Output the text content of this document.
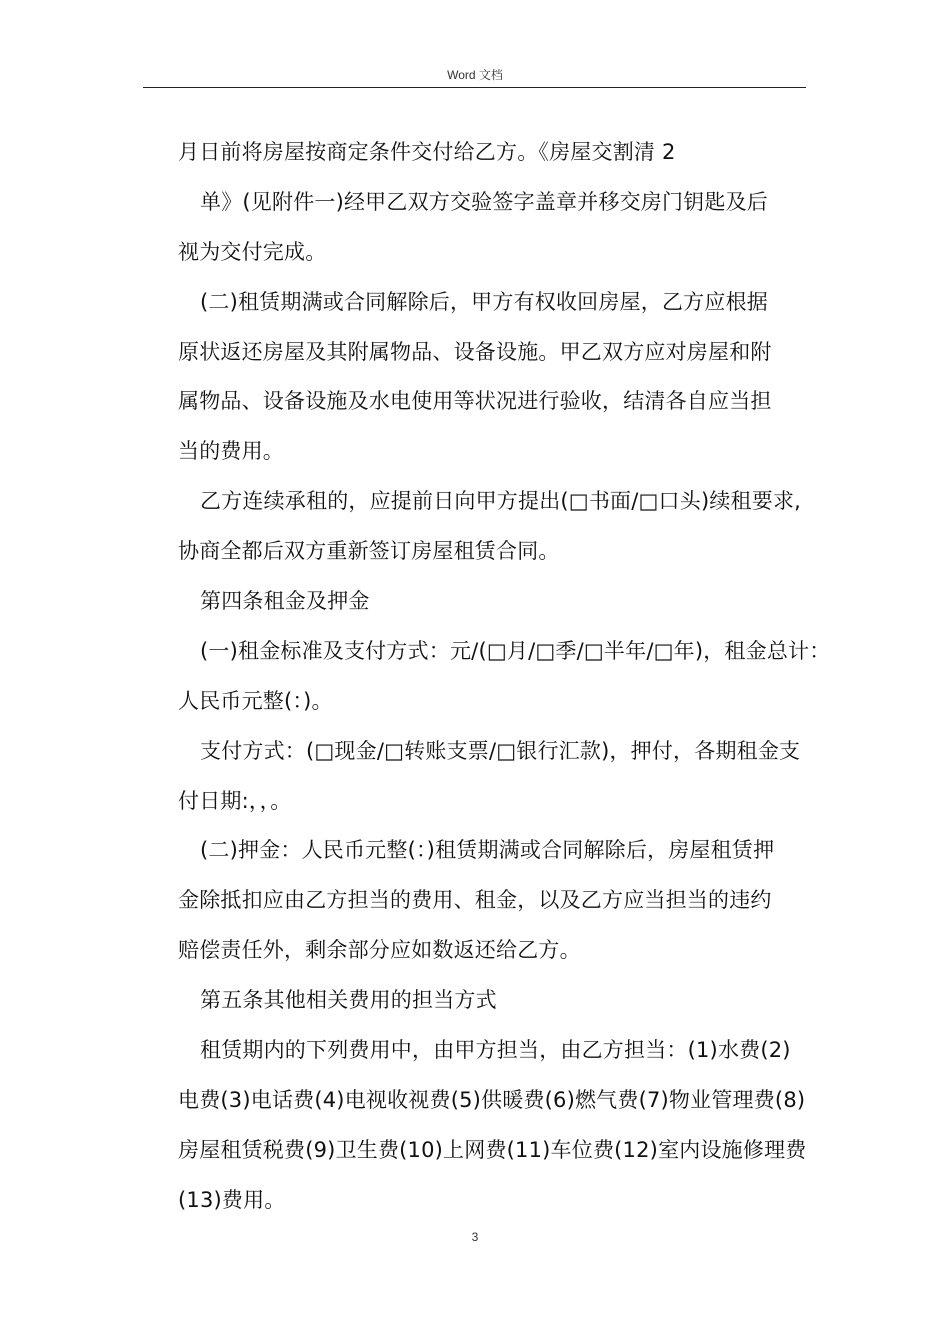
Word 文档
月日前将房屋按商定条件交付给乙方。《房屋交割清 2
单》(见附件一)经甲乙双方交验签字盖章并移交房门钥匙及后
视为交付完成。
(二)租赁期满或合同解除后，甲方有权收回房屋，乙方应根据
原状返还房屋及其附属物品、设备设施。甲乙双方应对房屋和附
属物品、设备设施及水电使用等状况进行验收，结清各自应当担
当的费用。
乙方连续承租的，应提前日向甲方提出(□书面/□口头)续租要求,
协商全都后双方重新签订房屋租赁合同。
第四条租金及押金
(一)租金标准及支付方式：元/(□月/□季/□半年/□年)，租金总计：
人民币元整(：)。
支付方式：(□现金/□转账支票/□银行汇款)，押付，各期租金支
付日期:，，。
(二)押金：人民币元整(：)租赁期满或合同解除后，房屋租赁押
金除抵扣应由乙方担当的费用、租金，以及乙方应当担当的违约
赔偿责任外，剩余部分应如数返还给乙方。
第五条其他相关费用的担当方式
租赁期内的下列费用中，由甲方担当，由乙方担当：(1)水费(2)
电费(3)电话费(4)电视收视费(5)供暖费(6)燃气费(7)物业管理费(8)
房屋租赁税费(9)卫生费(10)上网费(11)车位费(12)室内设施修理费
(13)费用。
3
